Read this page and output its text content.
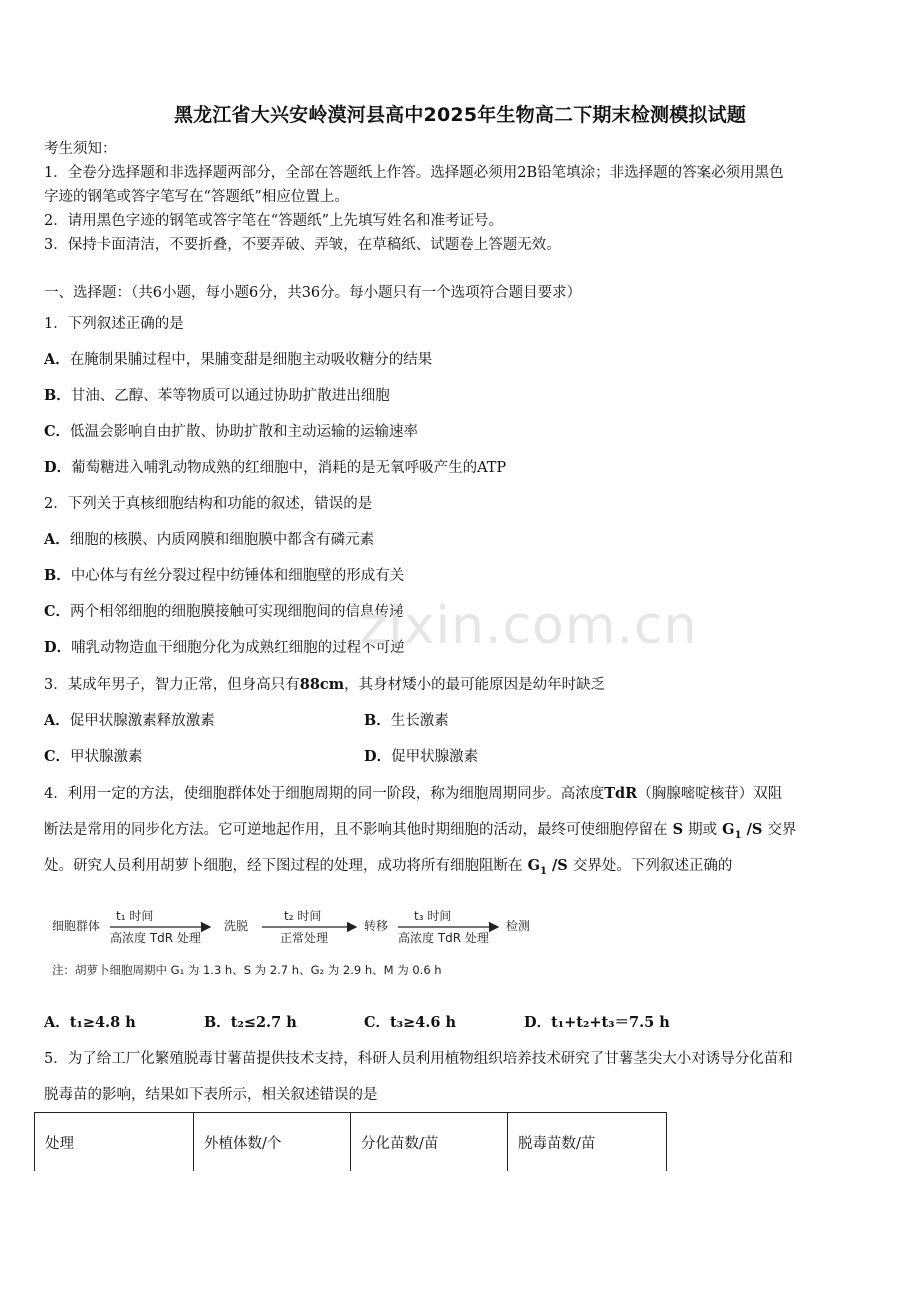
黑龙江省大兴安岭漠河县高中2025年生物高二下期末检测模拟试题
考生须知：
1．全卷分选择题和非选择题两部分，全部在答题纸上作答。选择题必须用2B铅笔填涂；非选择题的答案必须用黑色
字迹的钢笔或答字笔写在“答题纸”相应位置上。
2．请用黑色字迹的钢笔或答字笔在“答题纸”上先填写姓名和准考证号。
3．保持卡面清洁，不要折叠，不要弄破、弄皱，在草稿纸、试题卷上答题无效。
一、选择题：（共6小题，每小题6分，共36分。每小题只有一个选项符合题目要求）
1．下列叙述正确的是
A．在腌制果脯过程中，果脯变甜是细胞主动吸收糖分的结果
B．甘油、乙醇、苯等物质可以通过协助扩散进出细胞
C．低温会影响自由扩散、协助扩散和主动运输的运输速率
D．葡萄糖进入哺乳动物成熟的红细胞中，消耗的是无氧呼吸产生的ATP
2．下列关于真核细胞结构和功能的叙述，错误的是
A．细胞的核膜、内质网膜和细胞膜中都含有磷元素
B．中心体与有丝分裂过程中纺锤体和细胞壁的形成有关
C．两个相邻细胞的细胞膜接触可实现细胞间的信息传递
D．哺乳动物造血干细胞分化为成熟红细胞的过程不可逆
zixin.com.cn
3．某成年男子，智力正常，但身高只有88cm，其身材矮小的最可能原因是幼年时缺乏
A．促甲状腺激素释放激素	B．生长激素
C．甲状腺激素	D．促甲状腺激素
4．利用一定的方法，使细胞群体处于细胞周期的同一阶段，称为细胞周期同步。高浓度TdR（胸腺嘧啶核苷）双阻
断法是常用的同步化方法。它可逆地起作用，且不影响其他时期细胞的活动，最终可使细胞停留在 S 期或 $G_1$ /S 交界
处。研究人员利用胡萝卜细胞，经下图过程的处理，成功将所有细胞阻断在 $G_1$ /S 交界处。下列叙述正确的
细胞群体
t₁ 时间
高浓度 TdR 处理
洗脱
t₂ 时间
正常处理
转移
t₃ 时间
高浓度 TdR 处理
检测
注：胡萝卜细胞周期中 G₁ 为 1.3 h、S 为 2.7 h、G₂ 为 2.9 h、M 为 0.6 h
A．t₁≥4.8 h	B．t₂≤2.7 h	C．t₃≥4.6 h	D．t₁+t₂+t₃＝7.5 h
5．为了给工厂化繁殖脱毒甘薯苗提供技术支持，科研人员利用植物组织培养技术研究了甘薯茎尖大小对诱导分化苗和
脱毒苗的影响，结果如下表所示，相关叙述错误的是
处理	外植体数/个	分化苗数/苗	脱毒苗数/苗
